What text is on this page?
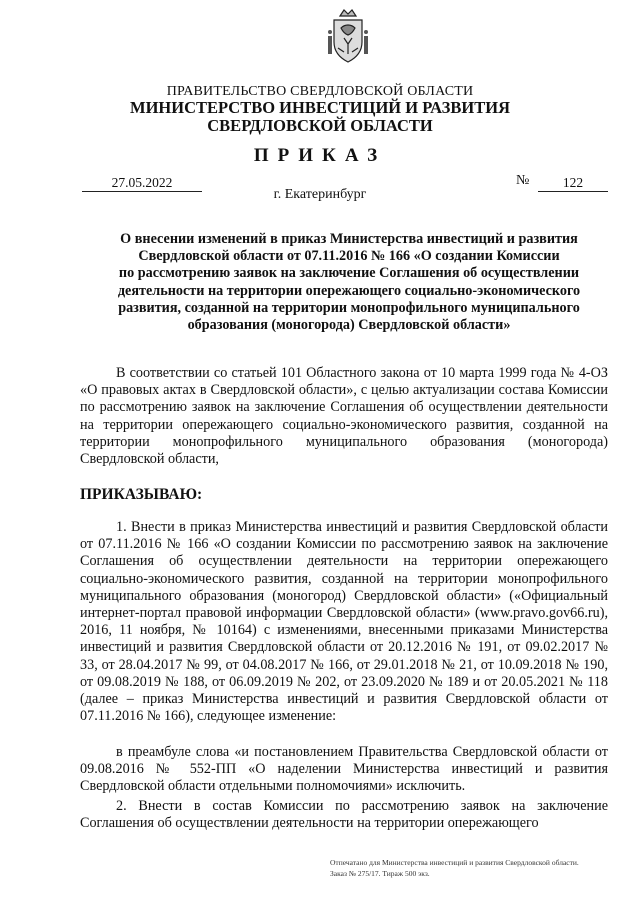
ПРАВИТЕЛЬСТВО СВЕРДЛОВСКОЙ ОБЛАСТИ
МИНИСТЕРСТВО ИНВЕСТИЦИЙ И РАЗВИТИЯ
СВЕРДЛОВСКОЙ ОБЛАСТИ
ПРИКАЗ
27.05.2022
г. Екатеринбург
№	122
О внесении изменений в приказ Министерства инвестиций и развития
Свердловской области от 07.11.2016 № 166 «О создании Комиссии
по рассмотрению заявок на заключение Соглашения об осуществлении
деятельности на территории опережающего социально-экономического
развития, созданной на территории монопрофильного муниципального
образования (моногорода) Свердловской области»
В соответствии со статьей 101 Областного закона от 10 марта 1999 года № 4-ОЗ «О правовых актах в Свердловской области», с целью актуализации состава Комиссии по рассмотрению заявок на заключение Соглашения об осуществлении деятельности на территории опережающего социально-экономического развития, созданной на территории монопрофильного муниципального образования (моногорода) Свердловской области,
ПРИКАЗЫВАЮ:
1. Внести в приказ Министерства инвестиций и развития Свердловской области от 07.11.2016 № 166 «О создании Комиссии по рассмотрению заявок на заключение Соглашения об осуществлении деятельности на территории опережающего социально-экономического развития, созданной на территории монопрофильного муниципального образования (моногород) Свердловской области» («Официальный интернет-портал правовой информации Свердловской области» (www.pravo.gov66.ru), 2016, 11 ноября, № 10164) с изменениями, внесенными приказами Министерства инвестиций и развития Свердловской области от 20.12.2016 № 191, от 09.02.2017 № 33, от 28.04.2017 № 99, от 04.08.2017 № 166, от 29.01.2018 № 21, от 10.09.2018 № 190, от 09.08.2019 № 188, от 06.09.2019 № 202, от 23.09.2020 № 189 и от 20.05.2021 № 118 (далее – приказ Министерства инвестиций и развития Свердловской области от 07.11.2016 № 166), следующее изменение:
в преамбуле слова «и постановлением Правительства Свердловской области от 09.08.2016 № 552-ПП «О наделении Министерства инвестиций и развития Свердловской области отдельными полномочиями» исключить.
2. Внести в состав Комиссии по рассмотрению заявок на заключение Соглашения об осуществлении деятельности на территории опережающего
Отпечатано для Министерства инвестиций и развития Свердловской области.
Заказ № 275/17. Тираж 500 экз.
